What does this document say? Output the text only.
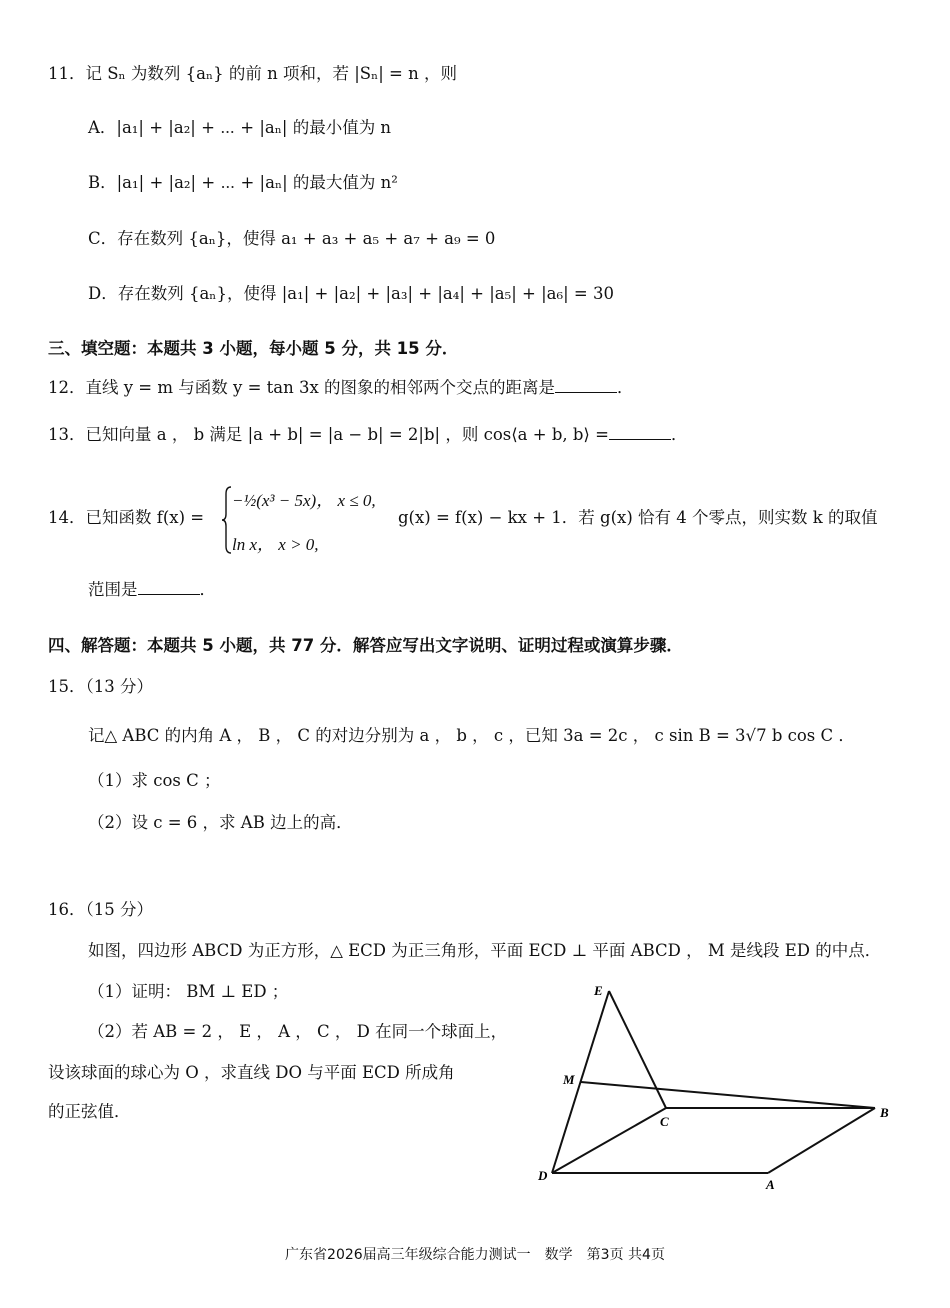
11．记 Sₙ 为数列 {aₙ} 的前 n 项和，若 |Sₙ| = n ，则
A．|a₁| + |a₂| + ⋯ + |aₙ| 的最小值为 n
B．|a₁| + |a₂| + ⋯ + |aₙ| 的最大值为 n²
C．存在数列 {aₙ}，使得 a₁ + a₃ + a₅ + a₇ + a₉ = 0
D．存在数列 {aₙ}，使得 |a₁| + |a₂| + |a₃| + |a₄| + |a₅| + |a₆| = 30
三、填空题：本题共 3 小题，每小题 5 分，共 15 分．
12．直线 y = m 与函数 y = tan 3x 的图象的相邻两个交点的距离是	．
13．已知向量 a ， b 满足 |a + b| = |a − b| = 2|b| ，则 cos⟨a + b, b⟩ =	．
14．已知函数 f(x) =
−½(x³ − 5x)， x ≤ 0,
ln x， x > 0,
g(x) = f(x) − kx + 1．若 g(x) 恰有 4 个零点，则实数 k 的取值
范围是	．
四、解答题：本题共 5 小题，共 77 分．解答应写出文字说明、证明过程或演算步骤．
15．（13 分）
记△ ABC 的内角 A ， B ， C 的对边分别为 a ， b ， c ，已知 3a = 2c ， c sin B = 3√7 b cos C ．
（1）求 cos C ；
（2）设 c = 6 ，求 AB 边上的高．
16．（15 分）
如图，四边形 ABCD 为正方形，△ ECD 为正三角形，平面 ECD ⊥ 平面 ABCD ， M 是线段 ED 的中点．
（1）证明： BM ⊥ ED ；
（2）若 AB = 2 ， E ， A ， C ， D 在同一个球面上，
设该球面的球心为 O ，求直线 DO 与平面 ECD 所成角
的正弦值．
E
M
C
B
D
A
广东省2026届高三年级综合能力测试一　数学　第3页 共4页
